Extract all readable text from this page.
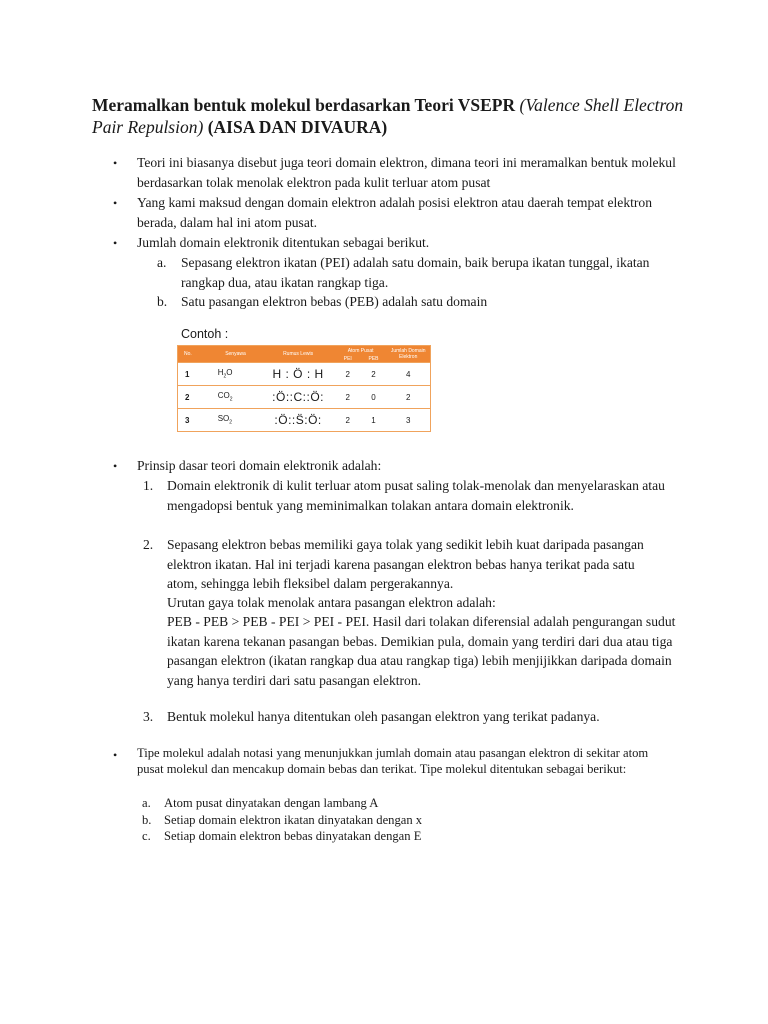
Meramalkan bentuk molekul berdasarkan Teori VSEPR (Valence Shell Electron Pair Repulsion) (AISA DAN DIVAURA)
• Teori ini biasanya disebut juga teori domain elektron, dimana teori ini meramalkan bentuk molekul berdasarkan tolak menolak elektron pada kulit terluar atom pusat
• Yang kami maksud dengan domain elektron adalah posisi elektron atau daerah tempat elektron berada, dalam hal ini atom pusat.
• Jumlah domain elektronik ditentukan sebagai berikut.
a. Sepasang elektron ikatan (PEI) adalah satu domain, baik berupa ikatan tunggal, ikatan rangkap dua, atau ikatan rangkap tiga.
b. Satu pasangan elektron bebas (PEB) adalah satu domain
Contoh :
No.	Senyawa	Rumus Lewis	Atom Pusat		Jumlah Domain Elektron
			PEI	PEB	
1	$H_2O$	H : Ö : H	2	2	4
2	$CO_2$	:Ö::C::Ö:	2	0	2
3	$SO_2$	:Ö::S̈:Ö:	2	1	3
• Prinsip dasar teori domain elektronik adalah:
1. Domain elektronik di kulit terluar atom pusat saling tolak-menolak dan menyelaraskan atau mengadopsi bentuk yang meminimalkan tolakan antara domain elektronik.
2. Sepasang elektron bebas memiliki gaya tolak yang sedikit lebih kuat daripada pasangan elektron ikatan. Hal ini terjadi karena pasangan elektron bebas hanya terikat pada satu atom, sehingga lebih fleksibel dalam pergerakannya.
Urutan gaya tolak menolak antara pasangan elektron adalah:
PEB - PEB > PEB - PEI > PEI - PEI. Hasil dari tolakan diferensial adalah pengurangan sudut ikatan karena tekanan pasangan bebas. Demikian pula, domain yang terdiri dari dua atau tiga pasangan elektron (ikatan rangkap dua atau rangkap tiga) lebih menjijikkan daripada domain yang hanya terdiri dari satu pasangan elektron.
3. Bentuk molekul hanya ditentukan oleh pasangan elektron yang terikat padanya.
• Tipe molekul adalah notasi yang menunjukkan jumlah domain atau pasangan elektron di sekitar atom pusat molekul dan mencakup domain bebas dan terikat. Tipe molekul ditentukan sebagai berikut:
a. Atom pusat dinyatakan dengan lambang A
b. Setiap domain elektron ikatan dinyatakan dengan x
c. Setiap domain elektron bebas dinyatakan dengan E
